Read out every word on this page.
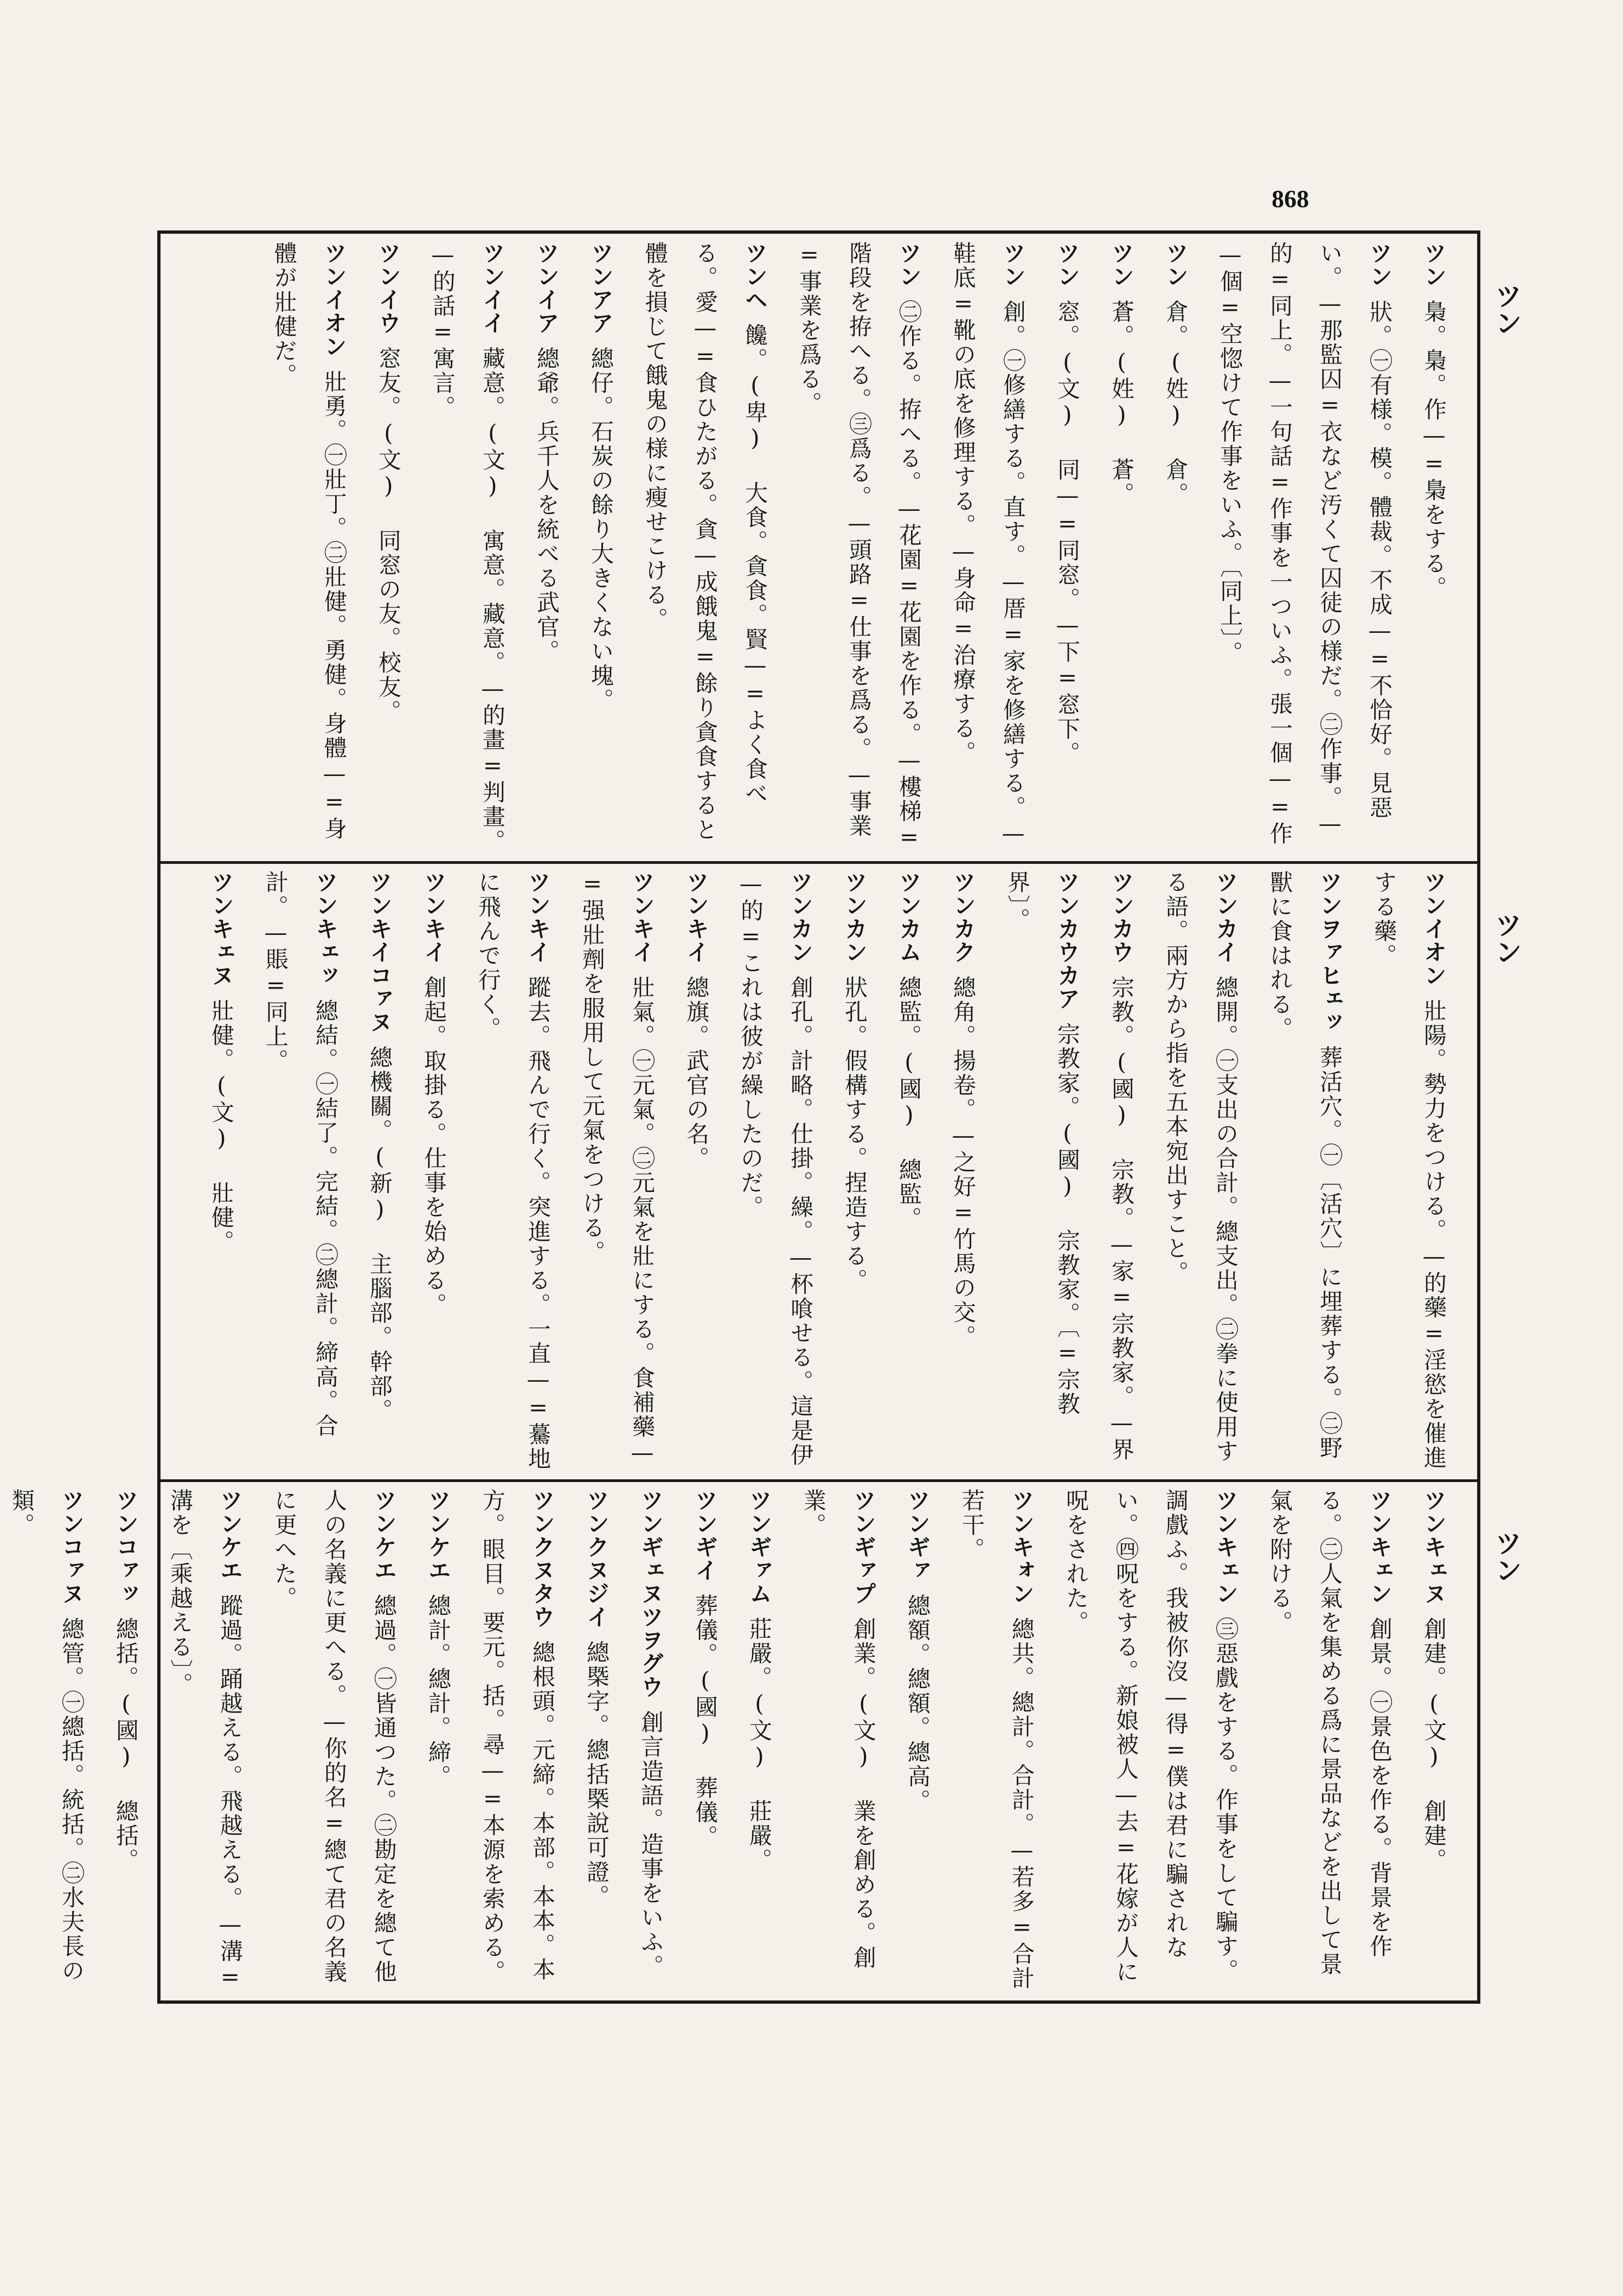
868
ツン
ツン
ツン
ツン梟。梟。作—=梟をする。
ツン狀。㊀有様。模。體裁。不成—=不恰好。見惡い。—那監囚=衣など汚くて囚徒の様だ。㊁作事。—的=同上。—一句話=作事を一ついふ。張一個—=作—個=空惚けて作事をいふ。〔同上〕。
ツン倉。(姓) 倉。
ツン蒼。(姓) 蒼。
ツン窓。(文) 同—=同窓。—下=窓下。
ツン創。㊀修繕する。直す。—厝=家を修繕する。—鞋底=靴の底を修理する。—身命=治療する。
ツン㊁作る。拵へる。—花園=花園を作る。—樓梯=階段を拵へる。㊂爲る。—頭路=仕事を爲る。—事業=事業を爲る。
ツンヘ饞。(卑) 大食。貪食。賢—=よく食べる。愛—=食ひたがる。貪—成餓鬼=餘り貪食すると體を損じて餓鬼の様に瘦せこける。
ツンアア總仔。石炭の餘り大きくない塊。
ツンイア總爺。兵千人を統べる武官。
ツンイイ藏意。(文) 寓意。藏意。—的畫=判畫。—的話=寓言。
ツンイウ窓友。(文) 同窓の友。校友。
ツンイオン壯勇。㊀壯丁。㊁壯健。勇健。身體—=身體が壯健だ。
ツンイオン壯陽。勢力をつける。—的藥=淫慾を催進する藥。
ツンヲァヒェッ葬活穴。㊀〔活穴〕に埋葬する。㊁野獸に食はれる。
ツンカイ總開。㊀支出の合計。總支出。㊁拳に使用する語。兩方から指を五本宛出すこと。
ツンカウ宗教。(國) 宗教。—家=宗教家。—界
ツンカウカア宗教家。(國) 宗教家。〔=宗教界〕。
ツンカク總角。揚卷。—之好=竹馬の交。
ツンカム總監。(國) 總監。
ツンカン狀孔。假構する。捏造する。
ツンカン創孔。計略。仕掛。繰。—杯喰せる。這是伊—的=これは彼が繰したのだ。
ツンキイ總旗。武官の名。
ツンキイ壯氣。㊀元氣。㊁元氣を壯にする。食補藥—=强壯劑を服用して元氣をつける。
ツンキイ蹤去。飛んで行く。突進する。一直—=驀地に飛んで行く。
ツンキイ創起。取掛る。仕事を始める。
ツンキイコァヌ總機關。(新) 主腦部。幹部。
ツンキェッ總結。㊀結了。完結。㊁總計。締高。合計。—賬=同上。
ツンキェヌ壯健。(文) 壯健。
ツンキェヌ創建。(文) 創建。
ツンキェン創景。㊀景色を作る。背景を作る。㊁人氣を集める爲に景品などを出して景氣を附ける。
ツンキェン㊂惡戲をする。作事をして騙す。調戲ふ。我被你沒—得=僕は君に騙されない。㊃呪をする。新娘被人—去=花嫁が人に呪をされた。
ツンキォン總共。總計。合計。—若多=合計若干。
ツンギァ總額。總額。總高。
ツンギァプ創業。(文) 業を創める。創業。
ツンギァム莊嚴。(文) 莊嚴。
ツンギイ葬儀。(國) 葬儀。
ツンギェヌツヲグウ創言造語。造事をいふ。
ツンクヌジイ總槩字。總括槩說可證。
ツンクヌタウ總根頭。元締。本部。本本。本方。眼目。要元。括。尋—=本源を索める。
ツンケエ總計。總計。締。
ツンケエ總過。㊀皆通つた。㊁勘定を總て他人の名義に更へる。—你的名=總て君の名義に更へた。
ツンケエ蹤過。踊越える。飛越える。—溝=溝を〔乘越える〕。
ツンコァッ總括。(國) 總括。
ツンコァヌ總管。㊀總括。統括。㊁水夫長の類。
